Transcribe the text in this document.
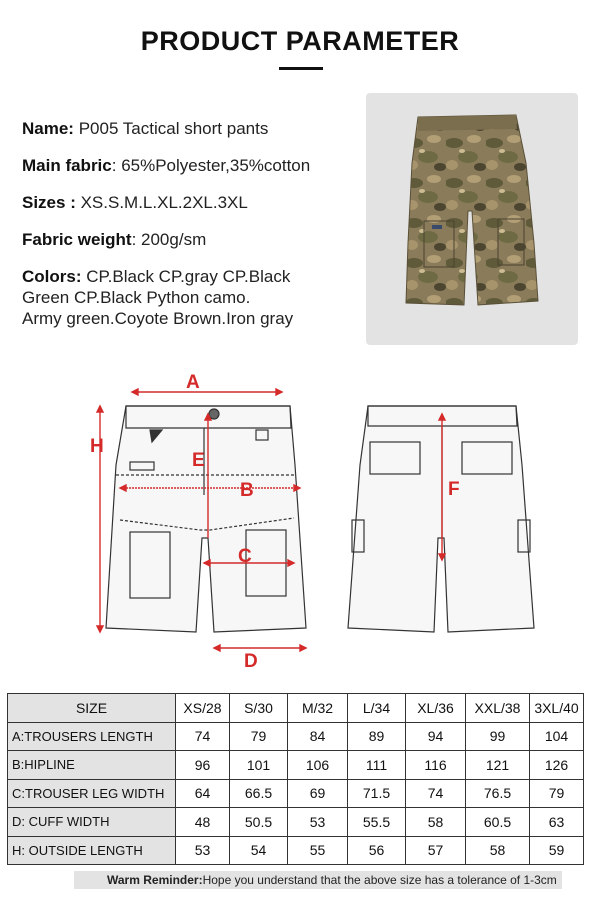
PRODUCT PARAMETER
Name: P005 Tactical short pants
Main fabric: 65%Polyester,35%cotton
Sizes : XS.S.M.L.XL.2XL.3XL
Fabric weight: 200g/sm
Colors: CP.Black CP.gray CP.Black
Green CP.Black Python camo.
Army green.Coyote Brown.Iron gray
A
B
C
D
E
F
H
SIZE	XS/28	S/30	M/32	L/34	XL/36	XXL/38	3XL/40
A:TROUSERS LENGTH	74	79	84	89	94	99	104
B:HIPLINE	96	101	106	111	116	121	126
C:TROUSER LEG WIDTH	64	66.5	69	71.5	74	76.5	79
D: CUFF WIDTH	48	50.5	53	55.5	58	60.5	63
H: OUTSIDE LENGTH	53	54	55	56	57	58	59
Warm Reminder:Hope you understand that the above size has a tolerance of 1-3cm
